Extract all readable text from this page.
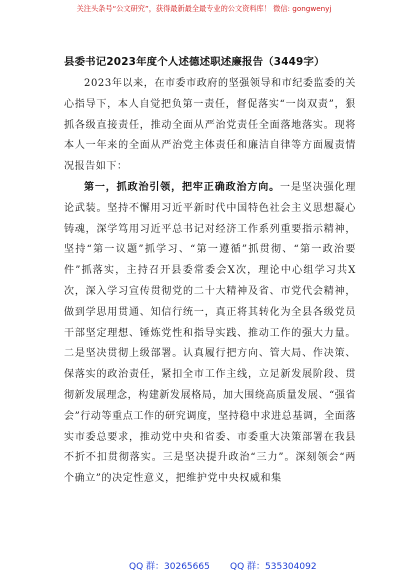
关注头条号“公文研究”，获得最新最全最专业的公文资料库！ 微信: gongwenyj
县委书记2023年度个人述德述职述廉报告（3449字）

2023年以来，在市委市政府的坚强领导和市纪委监委的关心指导下，本人自觉把负第一责任，督促落实“一岗双责”，狠抓各级直接责任，推动全面从严治党责任全面落地落实。现将本人一年来的全面从严治党主体责任和廉洁自律等方面履责情况报告如下：

第一，抓政治引领，把牢正确政治方向。一是坚决强化理论武装。坚持不懈用习近平新时代中国特色社会主义思想凝心铸魂，深学笃用习近平总书记对经济工作系列重要指示精神，坚持“第一议题”抓学习、“第一遵循”抓贯彻、“第一政治要件”抓落实，主持召开县委常委会X次，理论中心组学习共X次，深入学习宣传贯彻党的二十大精神及省、市党代会精神，做到学思用贯通、知信行统一，真正将其转化为全县各级党员干部坚定理想、锤炼党性和指导实践、推动工作的强大力量。二是坚决贯彻上级部署。认真履行把方向、管大局、作决策、保落实的政治责任，紧扣全市工作主线，立足新发展阶段、贯彻新发展理念，构建新发展格局，加大围绕高质量发展、“强省会”行动等重点工作的研究调度，坚持稳中求进总基调，全面落实市委总要求，推动党中央和省委、市委重大决策部署在我县不折不扣贯彻落实。三是坚决提升政治“三力”。深刻领会“两个确立”的决定性意义，把维护党中央权威和集

QQ 群：30265665 QQ 群：535304092
